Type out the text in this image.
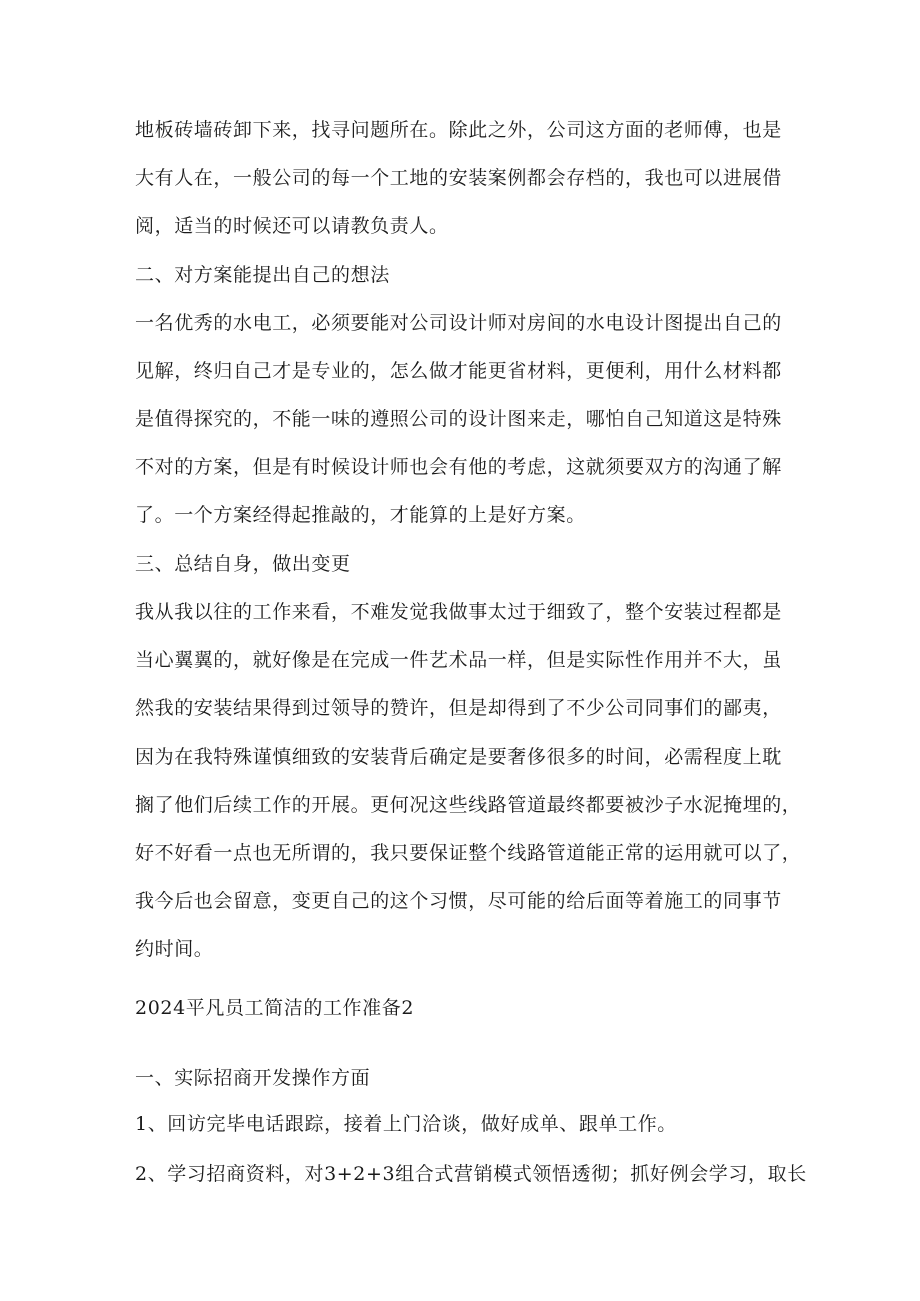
地板砖墙砖卸下来，找寻问题所在。除此之外，公司这方面的老师傅，也是
大有人在，一般公司的每一个工地的安装案例都会存档的，我也可以进展借
阅，适当的时候还可以请教负责人。
二、对方案能提出自己的想法
一名优秀的水电工，必须要能对公司设计师对房间的水电设计图提出自己的
见解，终归自己才是专业的，怎么做才能更省材料，更便利，用什么材料都
是值得探究的，不能一味的遵照公司的设计图来走，哪怕自己知道这是特殊
不对的方案，但是有时候设计师也会有他的考虑，这就须要双方的沟通了解
了。一个方案经得起推敲的，才能算的上是好方案。
三、总结自身，做出变更
我从我以往的工作来看，不难发觉我做事太过于细致了，整个安装过程都是
当心翼翼的，就好像是在完成一件艺术品一样，但是实际性作用并不大，虽
然我的安装结果得到过领导的赞许，但是却得到了不少公司同事们的鄙夷，
因为在我特殊谨慎细致的安装背后确定是要奢侈很多的时间，必需程度上耽
搁了他们后续工作的开展。更何况这些线路管道最终都要被沙子水泥掩埋的，
好不好看一点也无所谓的，我只要保证整个线路管道能正常的运用就可以了，
我今后也会留意，变更自己的这个习惯，尽可能的给后面等着施工的同事节
约时间。
2024平凡员工简洁的工作准备2
一、实际招商开发操作方面
1、回访完毕电话跟踪，接着上门洽谈，做好成单、跟单工作。
2、学习招商资料，对3+2+3组合式营销模式领悟透彻；抓好例会学习，取长
